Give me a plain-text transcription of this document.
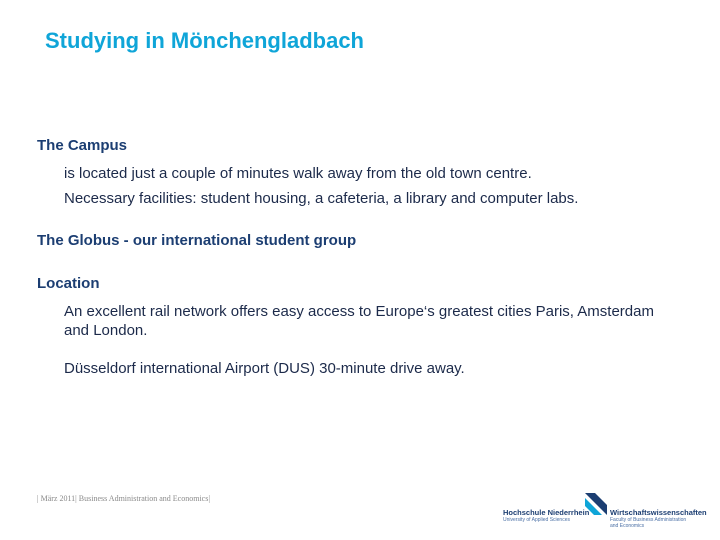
Studying in Mönchengladbach

The Campus

is located just a couple of minutes walk away from the old town centre.

Necessary facilities: student housing, a cafeteria, a library and computer labs.

The Globus - our international student group

Location

An excellent rail network offers easy access to Europe‘s greatest cities Paris, Amsterdam and London.

Düsseldorf international Airport (DUS) 30-minute drive away.

| März 2011| Business Administration and Economics|
Hochschule Niederrhein
University of Applied Sciences
Wirtschaftswissenschaften
Faculty of Business Administration
and Economics
